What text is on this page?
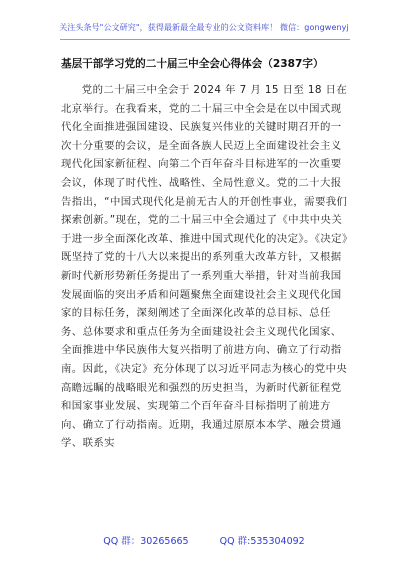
关注头条号"公文研究"，获得最新最全最专业的公文资料库！ 微信：gongwenyj
基层干部学习党的二十届三中全会心得体会（2387字）

党的二十届三中全会于 2024 年 7 月 15 日至 18 日在北京举行。在我看来，党的二十届三中全会是在以中国式现代化全面推进强国建设、民族复兴伟业的关键时期召开的一次十分重要的会议，是全面各族人民迈上全面建设社会主义现代化国家新征程、向第二个百年奋斗目标进军的一次重要会议，体现了时代性、战略性、全局性意义。党的二十大报告指出，“中国式现代化是前无古人的开创性事业，需要我们探索创新。”现在，党的二十届三中全会通过了《中共中央关于进一步全面深化改革、推进中国式现代化的决定》。《决定》既坚持了党的十八大以来提出的系列重大改革方针，又根据新时代新形势新任务提出了一系列重大举措，针对当前我国发展面临的突出矛盾和问题聚焦全面建设社会主义现代化国家的目标任务，深刻阐述了全面深化改革的总目标、总任务、总体要求和重点任务为全面建设社会主义现代化国家、全面推进中华民族伟大复兴指明了前进方向、确立了行动指南。因此，《决定》充分体现了以习近平同志为核心的党中央高瞻远瞩的战略眼光和强烈的历史担当，为新时代新征程党和国家事业发展、实现第二个百年奋斗目标指明了前进方向、确立了行动指南。近期，我通过原原本本学、融会贯通学、联系实

QQ 群：30265665	QQ 群:535304092
